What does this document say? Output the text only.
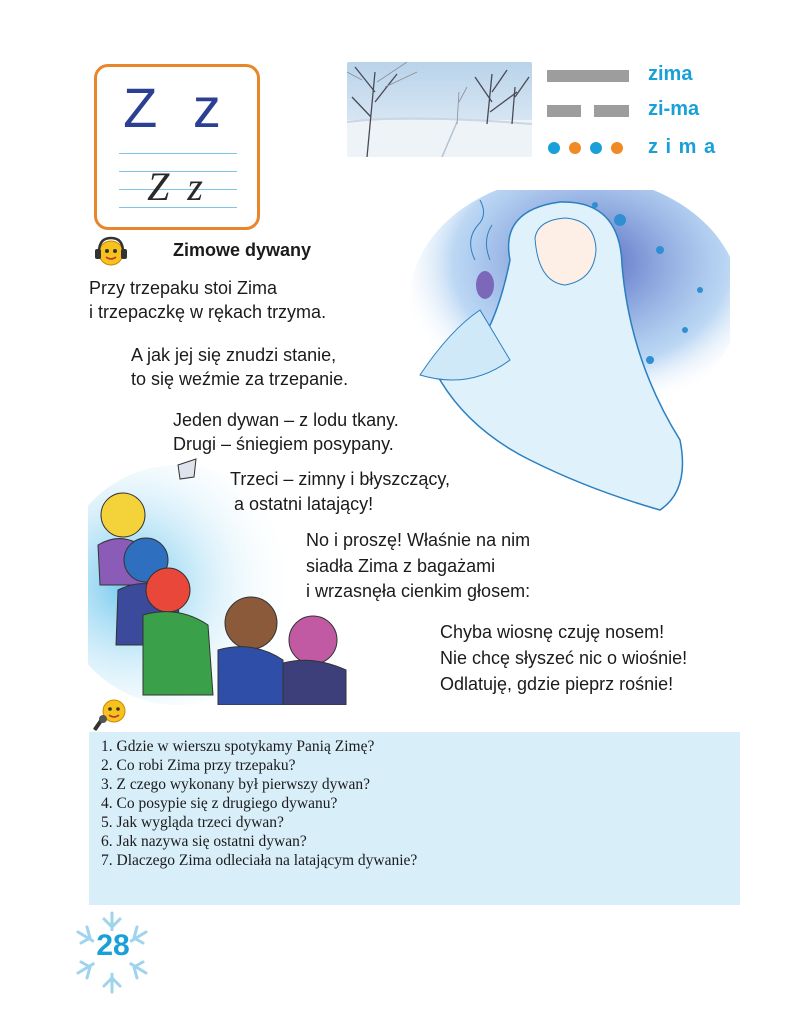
Z z
Z z
zima
zi-ma
z i m a
Zimowe dywany
Przy trzepaku stoi Zima
i trzepaczkę w rękach trzyma.
A jak jej się znudzi stanie,
to się weźmie za trzepanie.
Jeden dywan – z lodu tkany.
Drugi – śniegiem posypany.
Trzeci – zimny i błyszczący,
a ostatni latający!
No i proszę! Właśnie na nim
siadła Zima z bagażami
i wrzasnęła cienkim głosem:
Chyba wiosnę czuję nosem!
Nie chcę słyszeć nic o wiośnie!
Odlatuję, gdzie pieprz rośnie!
1. Gdzie w wierszu spotykamy Panią Zimę?
2. Co robi Zima przy trzepaku?
3. Z czego wykonany był pierwszy dywan?
4. Co posypie się z drugiego dywanu?
5. Jak wygląda trzeci dywan?
6. Jak nazywa się ostatni dywan?
7. Dlaczego Zima odleciała na latającym dywanie?
28
